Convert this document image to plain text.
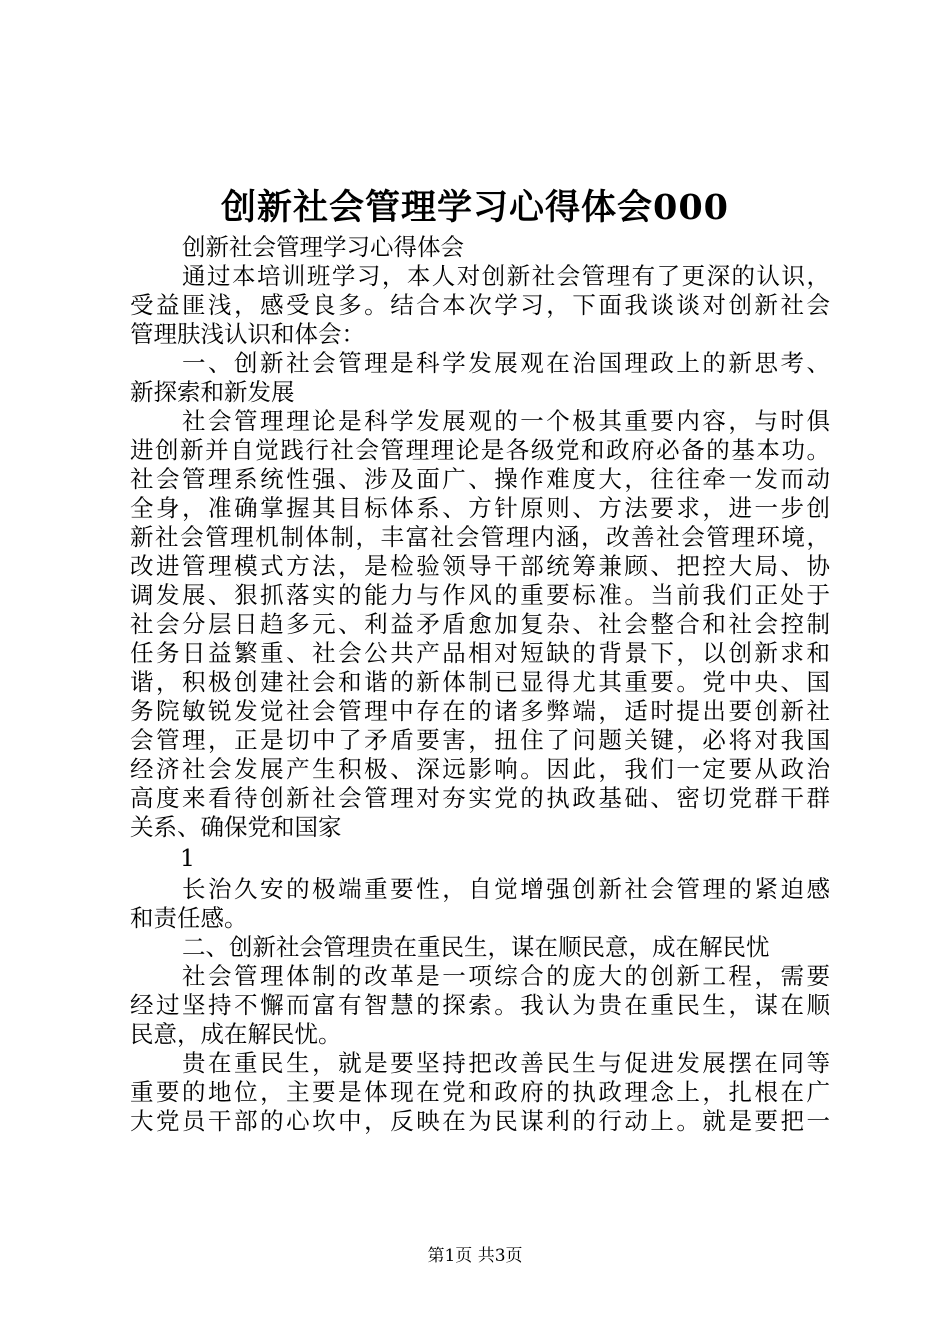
创新社会管理学习心得体会000
创新社会管理学习心得体会
通过本培训班学习，本人对创新社会管理有了更深的认识，
受益匪浅，感受良多。结合本次学习，下面我谈谈对创新社会
管理肤浅认识和体会：
一、创新社会管理是科学发展观在治国理政上的新思考、
新探索和新发展
社会管理理论是科学发展观的一个极其重要内容，与时俱
进创新并自觉践行社会管理理论是各级党和政府必备的基本功。
社会管理系统性强、涉及面广、操作难度大，往往牵一发而动
全身，准确掌握其目标体系、方针原则、方法要求，进一步创
新社会管理机制体制，丰富社会管理内涵，改善社会管理环境，
改进管理模式方法，是检验领导干部统筹兼顾、把控大局、协
调发展、狠抓落实的能力与作风的重要标准。当前我们正处于
社会分层日趋多元、利益矛盾愈加复杂、社会整合和社会控制
任务日益繁重、社会公共产品相对短缺的背景下，以创新求和
谐，积极创建社会和谐的新体制已显得尤其重要。党中央、国
务院敏锐发觉社会管理中存在的诸多弊端，适时提出要创新社
会管理，正是切中了矛盾要害，扭住了问题关键，必将对我国
经济社会发展产生积极、深远影响。因此，我们一定要从政治
高度来看待创新社会管理对夯实党的执政基础、密切党群干群
关系、确保党和国家
1
长治久安的极端重要性，自觉增强创新社会管理的紧迫感
和责任感。
二、创新社会管理贵在重民生，谋在顺民意，成在解民忧
社会管理体制的改革是一项综合的庞大的创新工程，需要
经过坚持不懈而富有智慧的探索。我认为贵在重民生，谋在顺
民意，成在解民忧。
贵在重民生，就是要坚持把改善民生与促进发展摆在同等
重要的地位，主要是体现在党和政府的执政理念上，扎根在广
大党员干部的心坎中，反映在为民谋利的行动上。就是要把一
第1页 共3页
